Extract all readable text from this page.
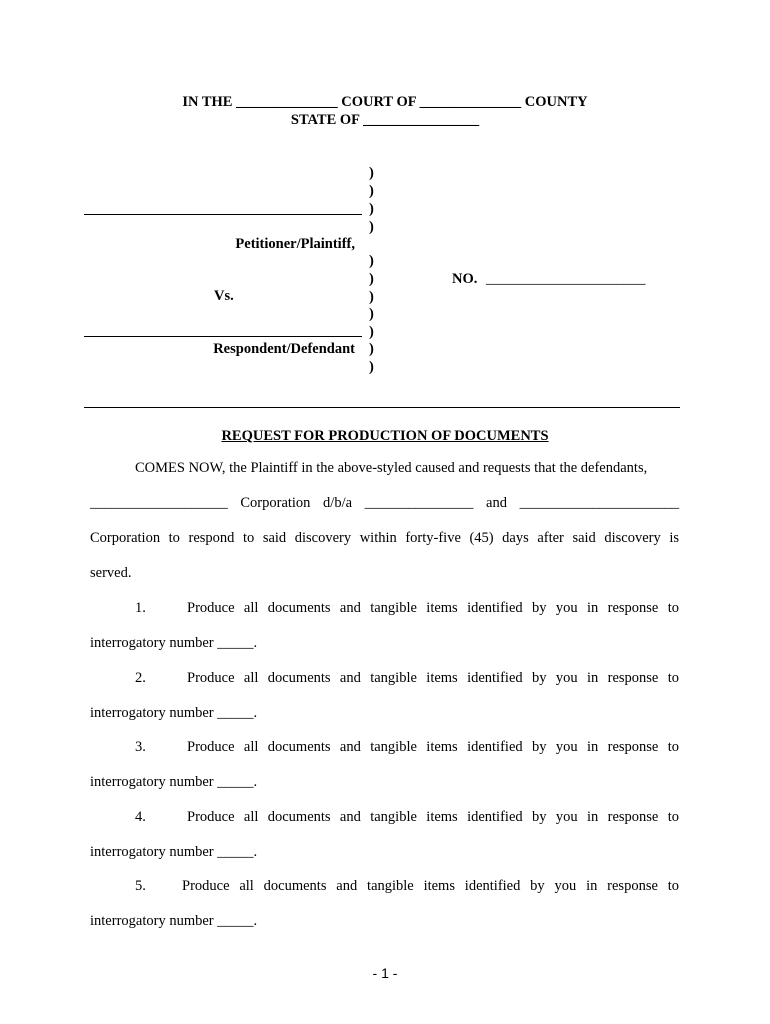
IN THE ______________ COURT OF ______________ COUNTY
STATE OF ________________
)
)
)
)
)
)
)
)
)
)
)
Petitioner/Plaintiff,
Vs.
Respondent/Defendant
NO. ______________________
REQUEST FOR PRODUCTION OF DOCUMENTS
COMES NOW, the Plaintiff in the above-styled caused and requests that the defendants,
___________________ Corporation d/b/a _______________ and ______________________
Corporation to respond to said discovery within forty-five (45) days after said discovery is
served.
1.	Produce all documents and tangible items identified by you in response to
interrogatory number _____.
2.	Produce all documents and tangible items identified by you in response to
interrogatory number _____.
3.	Produce all documents and tangible items identified by you in response to
interrogatory number _____.
4.	Produce all documents and tangible items identified by you in response to
interrogatory number _____.
5. Produce all documents and tangible items identified by you in response to
interrogatory number _____.
- 1 -
